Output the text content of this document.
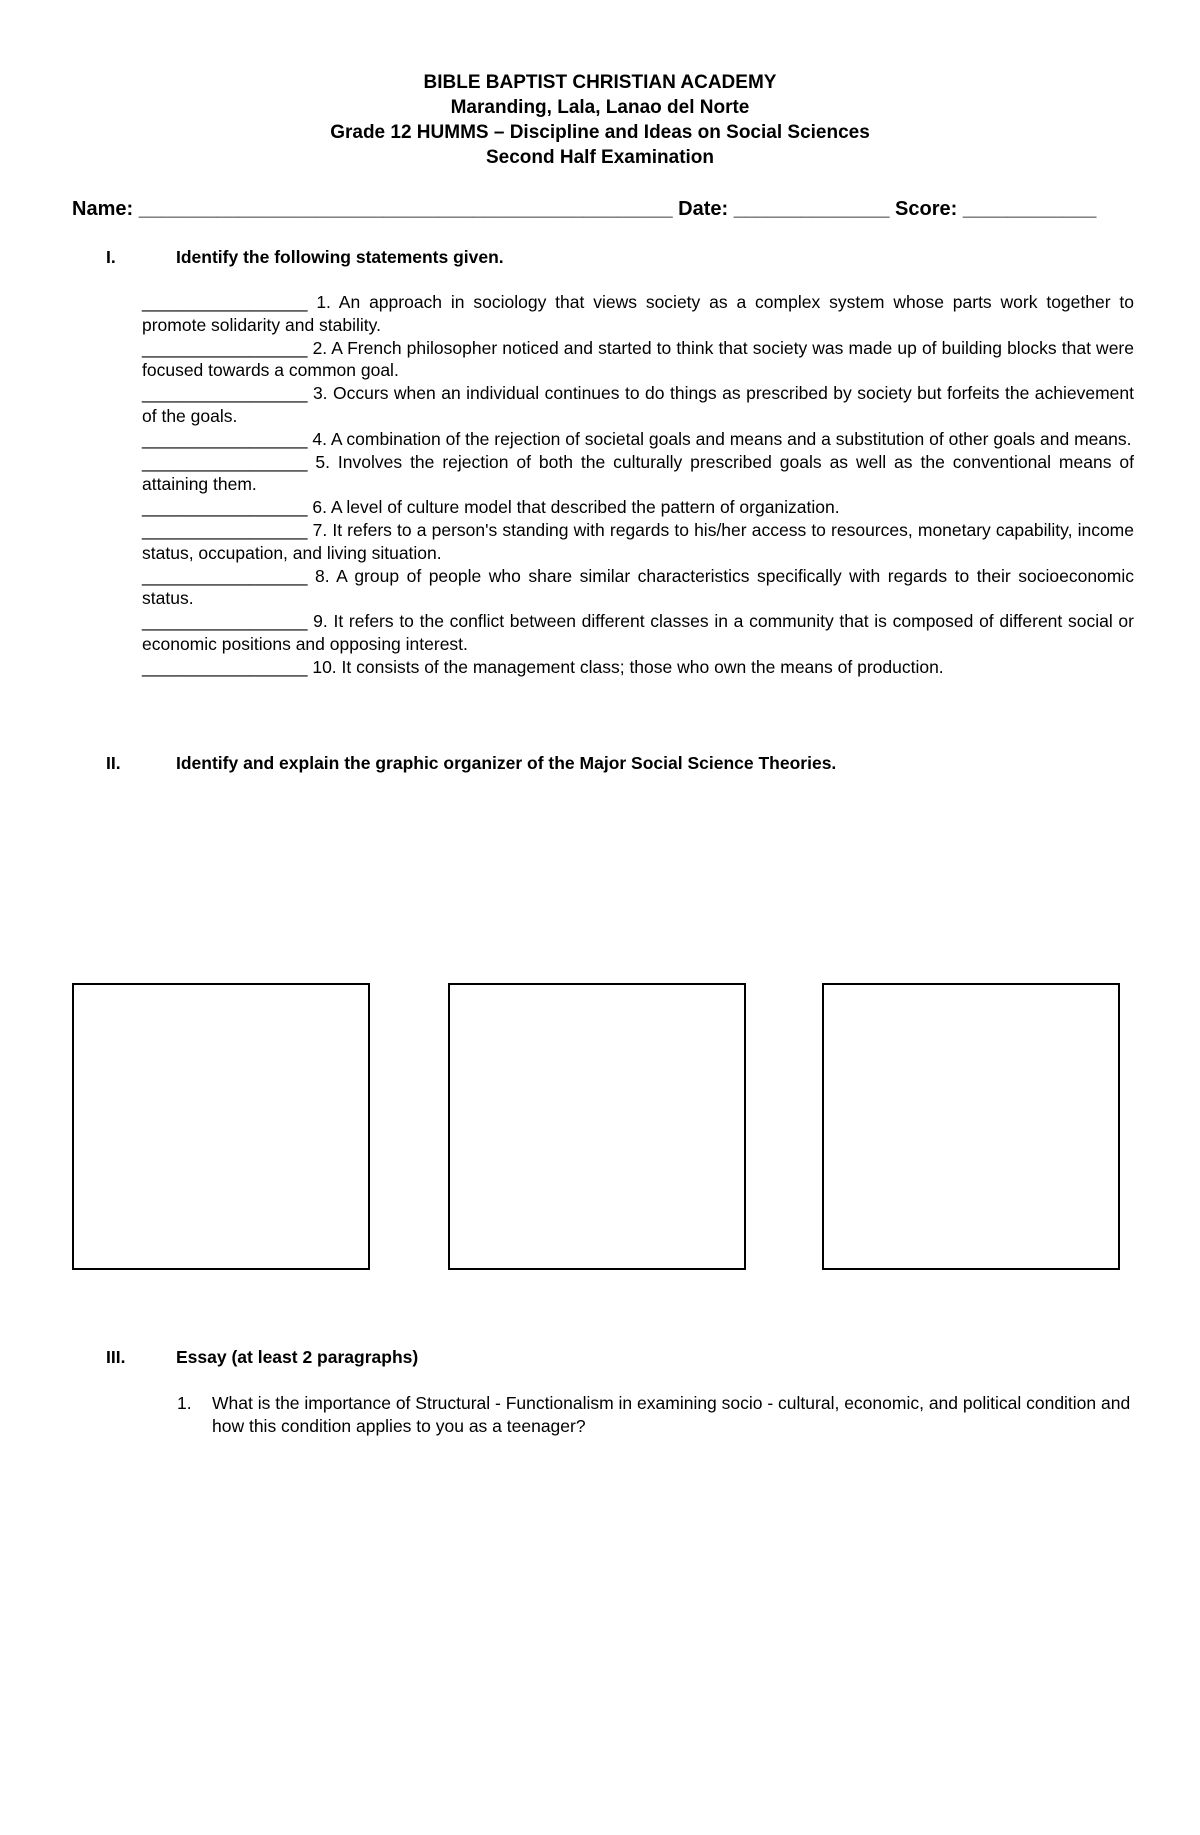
BIBLE BAPTIST CHRISTIAN ACADEMY
Maranding, Lala, Lanao del Norte
Grade 12 HUMMS – Discipline and Ideas on Social Sciences
Second Half Examination
Name: ________________________________________________ Date: ______________ Score: ____________
I.	Identify the following statements given.

_________________ 1. An approach in sociology that views society as a complex system whose parts work together to promote solidarity and stability.

_________________ 2. A French philosopher noticed and started to think that society was made up of building blocks that were focused towards a common goal.

_________________ 3. Occurs when an individual continues to do things as prescribed by society but forfeits the achievement of the goals.

_________________ 4. A combination of the rejection of societal goals and means and a substitution of other goals and means.

_________________ 5. Involves the rejection of both the culturally prescribed goals as well as the conventional means of attaining them.

_________________ 6. A level of culture model that described the pattern of organization.

_________________ 7. It refers to a person's standing with regards to his/her access to resources, monetary capability, income status, occupation, and living situation.

_________________ 8. A group of people who share similar characteristics specifically with regards to their socioeconomic status.

_________________ 9. It refers to the conflict between different classes in a community that is composed of different social or economic positions and opposing interest.

_________________ 10. It consists of the management class; those who own the means of production.

II.	Identify and explain the graphic organizer of the Major Social Science Theories.
III.	Essay (at least 2 paragraphs)
1. What is the importance of Structural - Functionalism in examining socio - cultural, economic, and political condition and how this condition applies to you as a teenager?
